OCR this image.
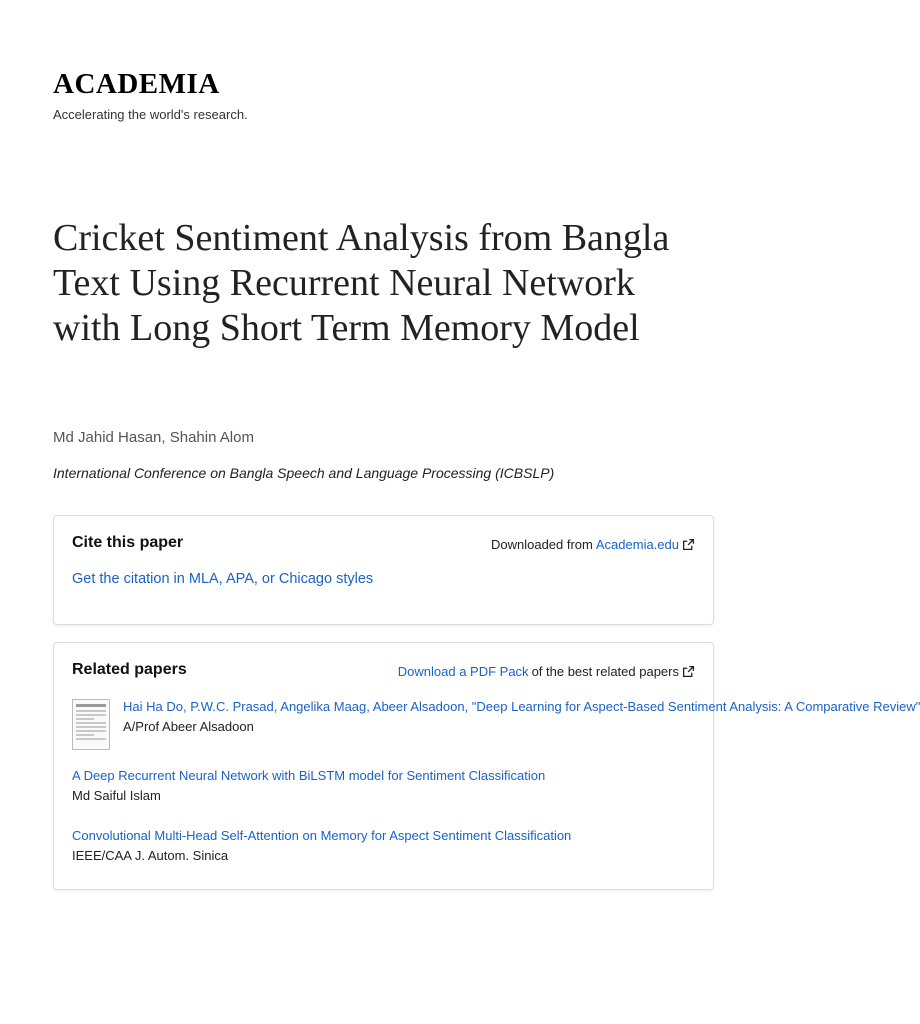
ACADEMIA
Accelerating the world's research.
Cricket Sentiment Analysis from Bangla Text Using Recurrent Neural Network with Long Short Term Memory Model
Md Jahid Hasan, Shahin Alom
International Conference on Bangla Speech and Language Processing (ICBSLP)
Cite this paper	Downloaded from Academia.edu
Get the citation in MLA, APA, or Chicago styles
Related papers	Download a PDF Pack of the best related papers
Hai Ha Do, P.W.C. Prasad, Angelika Maag, Abeer Alsadoon, "Deep Learning for Aspect-Based Sentiment Analysis: A Comparative Review"
A/Prof Abeer Alsadoon
A Deep Recurrent Neural Network with BiLSTM model for Sentiment Classification
Md Saiful Islam
Convolutional Multi-Head Self-Attention on Memory for Aspect Sentiment Classification
IEEE/CAA J. Autom. Sinica
